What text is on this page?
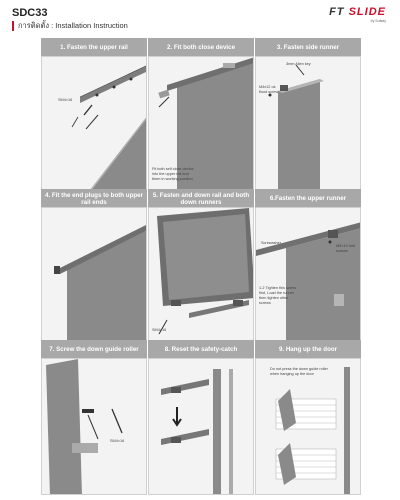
SDC33
การติดตั้ง : Installation Instruction
FT SLIDE
by Sutsay
1. Fasten the upper rail
SM4×16
2. Fit both close device
Fit both self close device into the upper rail and them in working position
3. Fasten side runner
3mm Allen key
M4x12 ok flood screw
4. Fit the end plugs to both upper rail ends
5. Fasten and down rail and both down runners
SM4×16
6.Fasten the upper runner
Screwasher
M5×10 fold screws
1-2 Tighten this screw first, Load the runner then tighten other screws
7. Screw the down guide roller
SM4×16
8. Reset the safety-catch	9. Hang up the door
Do not press the down guide roller when hanging up the door
